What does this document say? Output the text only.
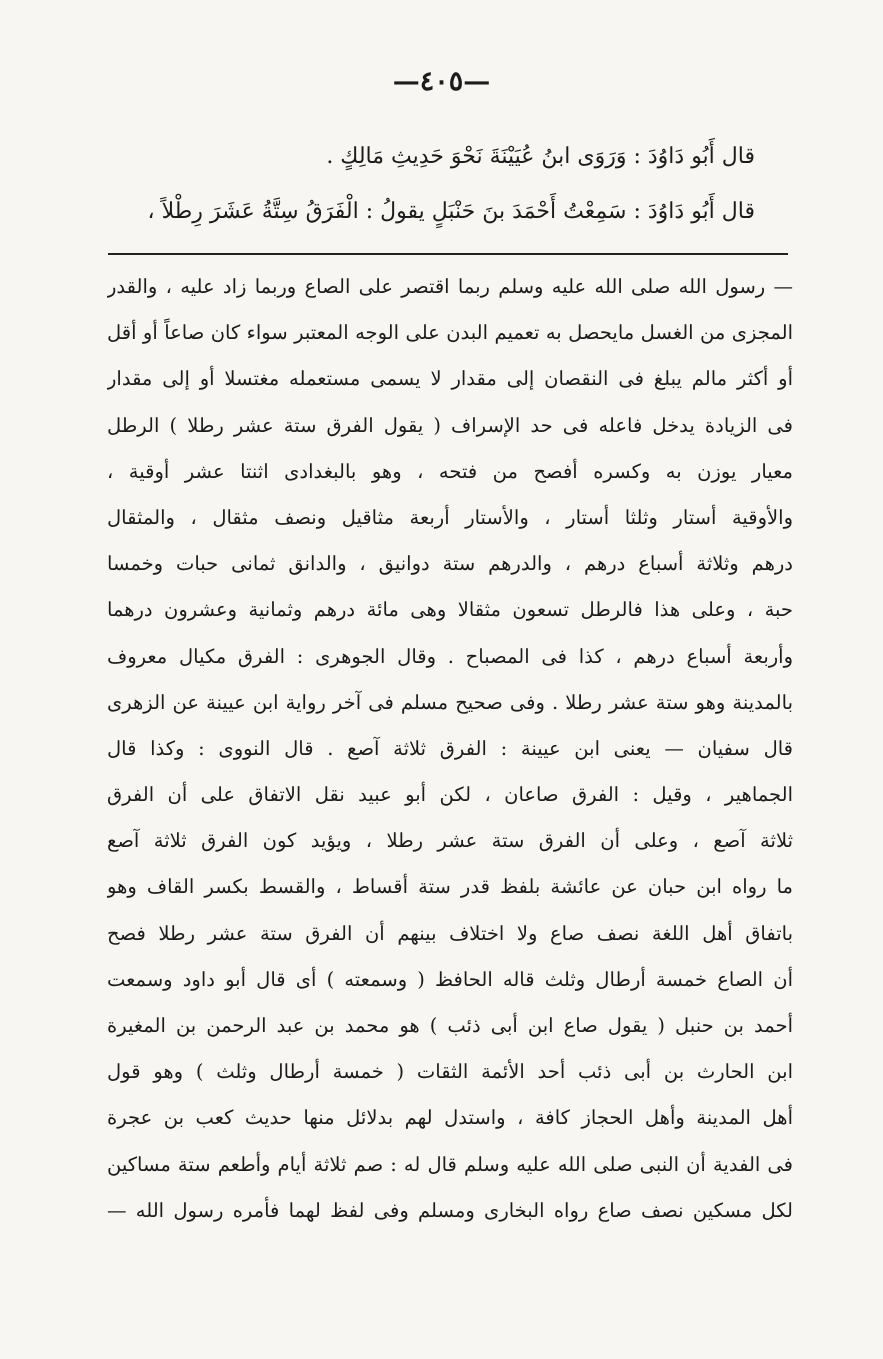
—٤٠٥—
قال أَبُو دَاوُدَ : وَرَوَى ابنُ عُيَيْنَةَ نَحْوَ حَدِيثِ مَالِكٍ .
قال أَبُو دَاوُدَ : سَمِعْتُ أَحْمَدَ بنَ حَنْبَلٍ يقولُ : الْفَرَقُ سِتَّةُ عَشَرَ رِطْلاً ،
— رسول الله صلى الله عليه وسلم ربما اقتصر على الصاع وربما زاد عليه ، والقدر
المجزى من الغسل مايحصل به تعميم البدن على الوجه المعتبر سواء كان صاعاً أو أقل
أو أكثر مالم يبلغ فى النقصان إلى مقدار لا يسمى مستعمله مغتسلا أو إلى مقدار
فى الزيادة يدخل فاعله فى حد الإسراف ( يقول الفرق ستة عشر رطلا ) الرطل
معيار يوزن به وكسره أفصح من فتحه ، وهو بالبغدادى اثنتا عشر أوقية ،
والأوقية أستار وثلثا أستار ، والأستار أربعة مثاقيل ونصف مثقال ، والمثقال
درهم وثلاثة أسباع درهم ، والدرهم ستة دوانيق ، والدانق ثمانى حبات وخمسا
حبة ، وعلى هذا فالرطل تسعون مثقالا وهى مائة درهم وثمانية وعشرون درهما
وأربعة أسباع درهم ، كذا فى المصباح . وقال الجوهرى : الفرق مكيال معروف
بالمدينة وهو ستة عشر رطلا . وفى صحيح مسلم فى آخر رواية ابن عيينة عن الزهرى
قال سفيان — يعنى ابن عيينة : الفرق ثلاثة آصع . قال النووى : وكذا قال
الجماهير ، وقيل : الفرق صاعان ، لكن أبو عبيد نقل الاتفاق على أن الفرق
ثلاثة آصع ، وعلى أن الفرق ستة عشر رطلا ، ويؤيد كون الفرق ثلاثة آصع
ما رواه ابن حبان عن عائشة بلفظ قدر ستة أقساط ، والقسط بكسر القاف وهو
باتفاق أهل اللغة نصف صاع ولا اختلاف بينهم أن الفرق ستة عشر رطلا فصح
أن الصاع خمسة أرطال وثلث قاله الحافظ ( وسمعته ) أى قال أبو داود وسمعت
أحمد بن حنبل ( يقول صاع ابن أبى ذئب ) هو محمد بن عبد الرحمن بن المغيرة
ابن الحارث بن أبى ذئب أحد الأئمة الثقات ( خمسة أرطال وثلث ) وهو قول
أهل المدينة وأهل الحجاز كافة ، واستدل لهم بدلائل منها حديث كعب بن عجرة
فى الفدية أن النبى صلى الله عليه وسلم قال له : صم ثلاثة أيام وأطعم ستة مساكين
لكل مسكين نصف صاع رواه البخارى ومسلم وفى لفظ لهما فأمره رسول الله —
